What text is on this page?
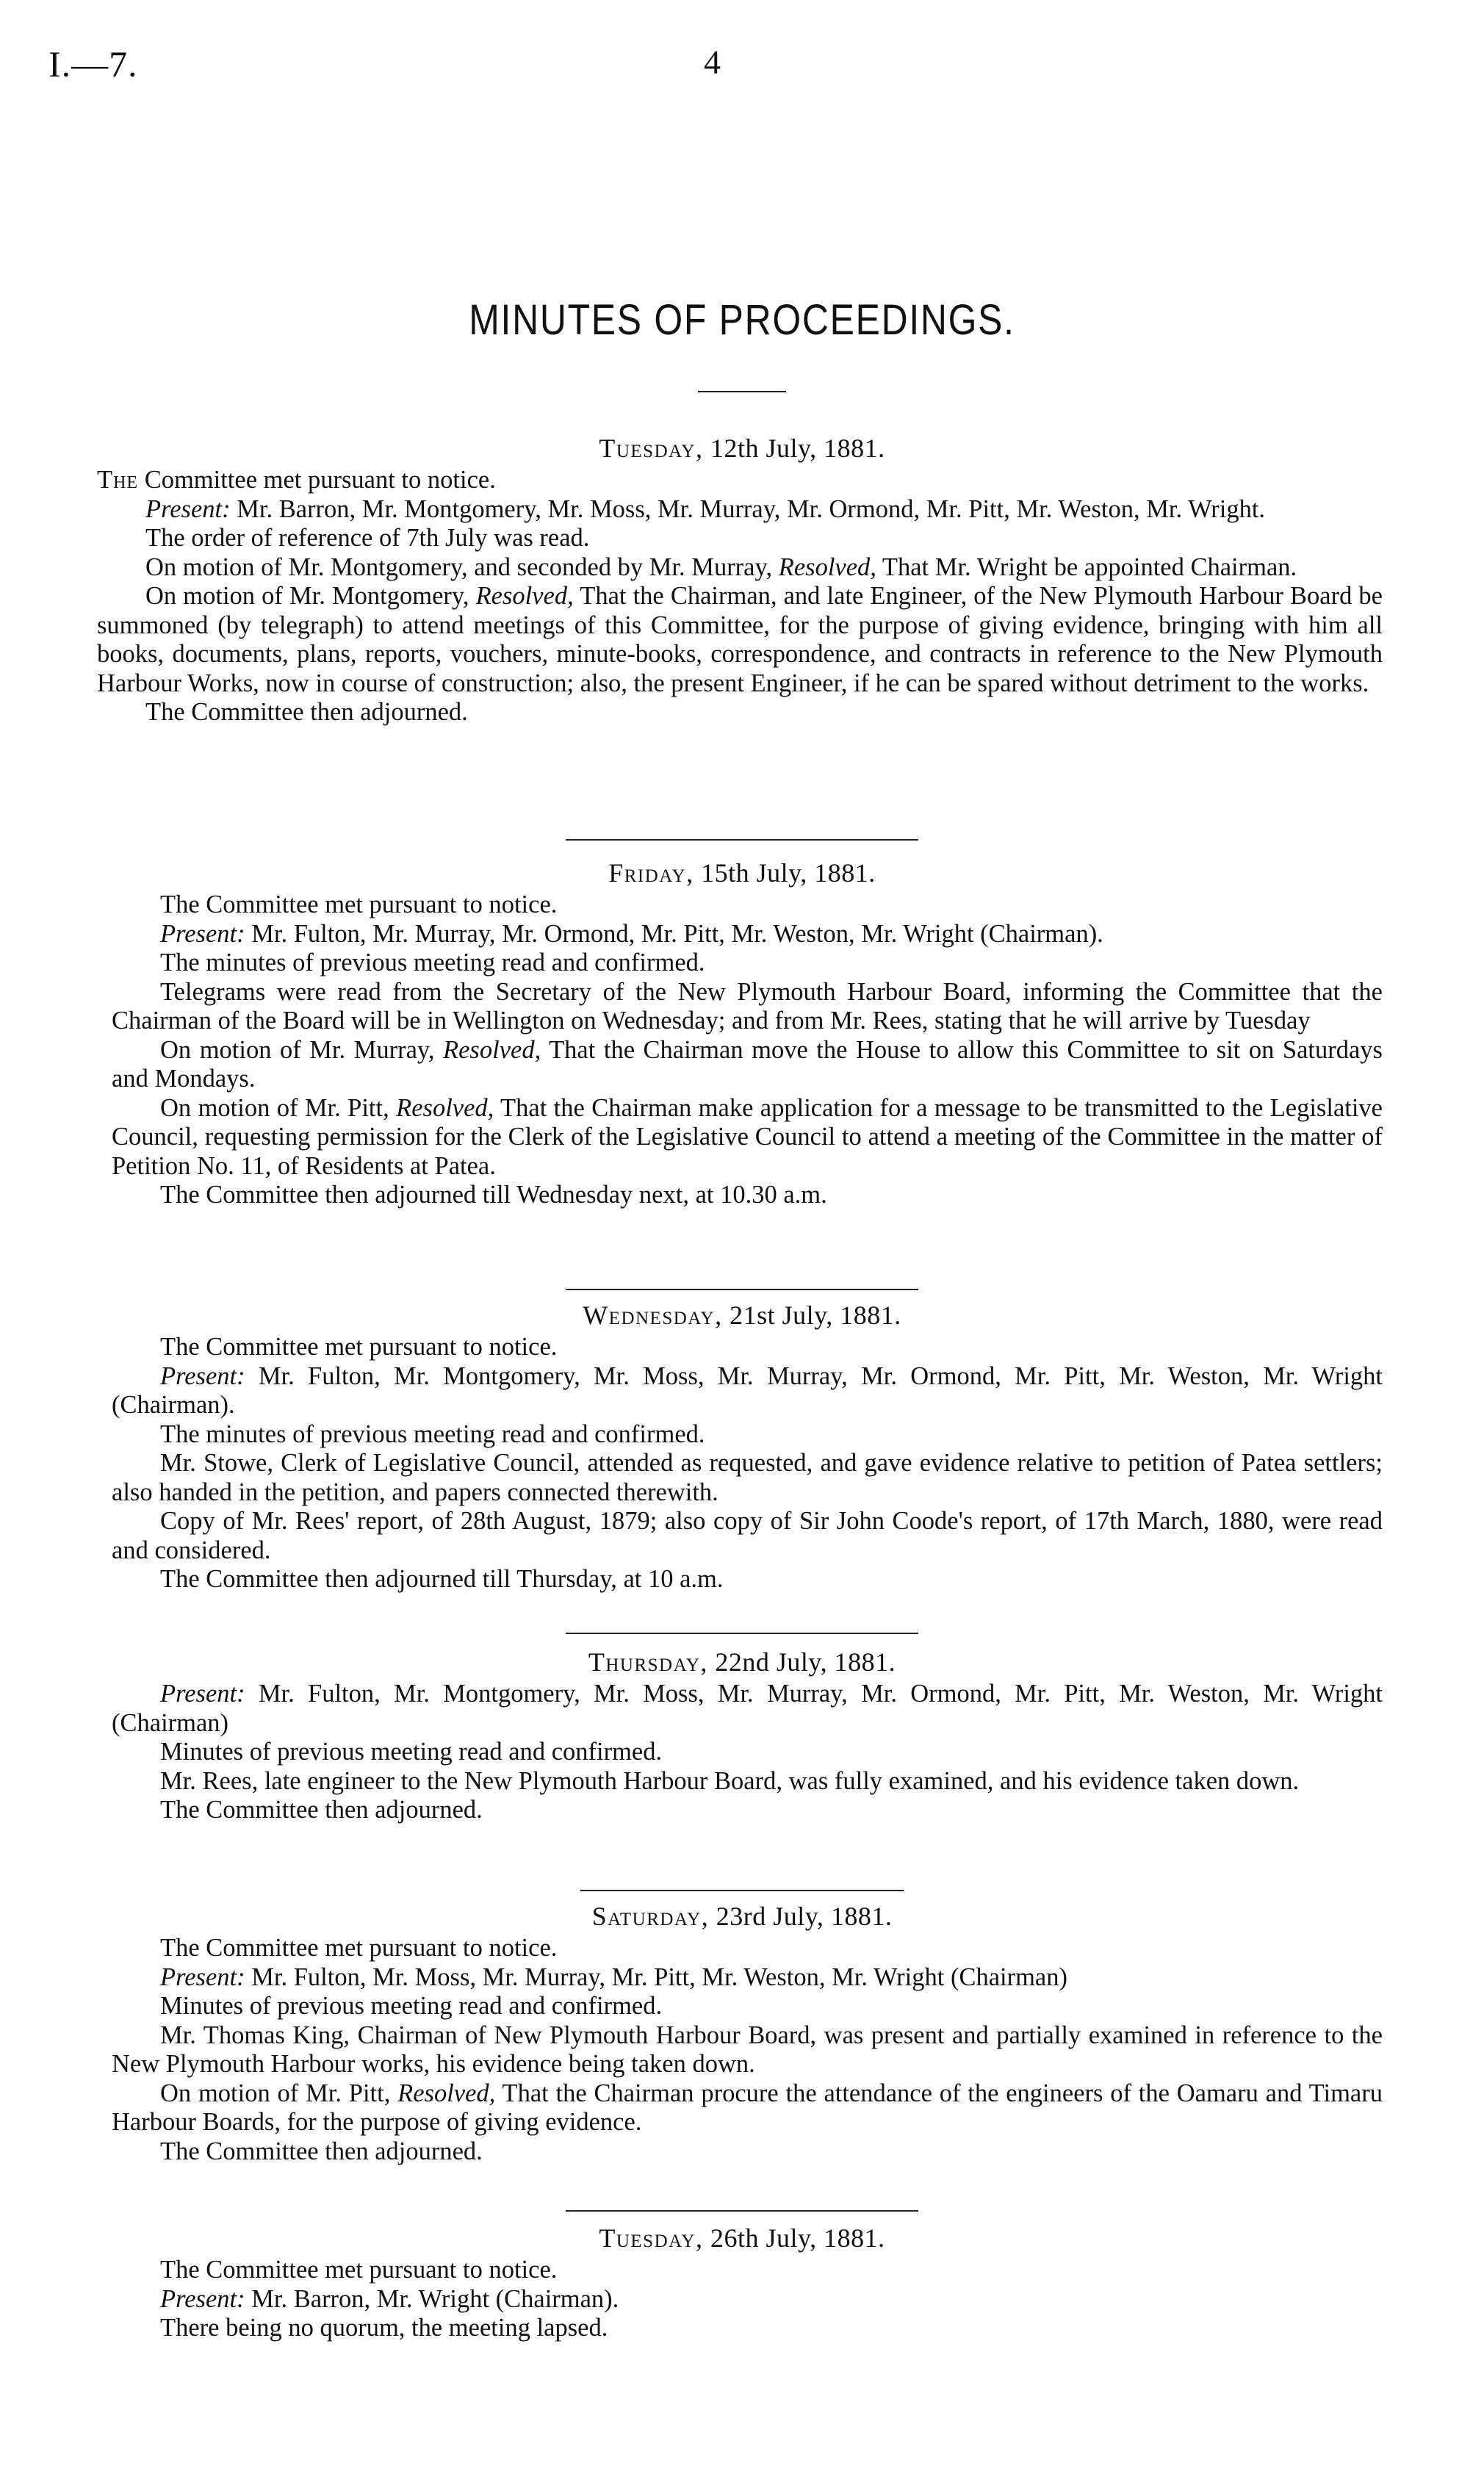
I.—7.	4
MINUTES OF PROCEEDINGS.
Tuesday, 12th July, 1881.

The Committee met pursuant to notice.

Present: Mr. Barron, Mr. Montgomery, Mr. Moss, Mr. Murray, Mr. Ormond, Mr. Pitt, Mr. Weston, Mr. Wright.

The order of reference of 7th July was read.

On motion of Mr. Montgomery, and seconded by Mr. Murray, Resolved, That Mr. Wright be appointed Chairman.

On motion of Mr. Montgomery, Resolved, That the Chairman, and late Engineer, of the New Plymouth Harbour Board be summoned (by telegraph) to attend meetings of this Committee, for the purpose of giving evidence, bringing with him all books, documents, plans, reports, vouchers, minute-books, correspondence, and contracts in reference to the New Plymouth Harbour Works, now in course of construction; also, the present Engineer, if he can be spared without detriment to the works.

The Committee then adjourned.

Friday, 15th July, 1881.

The Committee met pursuant to notice.

Present: Mr. Fulton, Mr. Murray, Mr. Ormond, Mr. Pitt, Mr. Weston, Mr. Wright (Chairman).

The minutes of previous meeting read and confirmed.

Telegrams were read from the Secretary of the New Plymouth Harbour Board, informing the Committee that the Chairman of the Board will be in Wellington on Wednesday; and from Mr. Rees, stating that he will arrive by Tuesday

On motion of Mr. Murray, Resolved, That the Chairman move the House to allow this Committee to sit on Saturdays and Mondays.

On motion of Mr. Pitt, Resolved, That the Chairman make application for a message to be transmitted to the Legislative Council, requesting permission for the Clerk of the Legislative Council to attend a meeting of the Committee in the matter of Petition No. 11, of Residents at Patea.

The Committee then adjourned till Wednesday next, at 10.30 a.m.

Wednesday, 21st July, 1881.

The Committee met pursuant to notice.

Present: Mr. Fulton, Mr. Montgomery, Mr. Moss, Mr. Murray, Mr. Ormond, Mr. Pitt, Mr. Weston, Mr. Wright (Chairman).

The minutes of previous meeting read and confirmed.

Mr. Stowe, Clerk of Legislative Council, attended as requested, and gave evidence relative to petition of Patea settlers; also handed in the petition, and papers connected therewith.

Copy of Mr. Rees' report, of 28th August, 1879; also copy of Sir John Coode's report, of 17th March, 1880, were read and considered.

The Committee then adjourned till Thursday, at 10 a.m.

Thursday, 22nd July, 1881.

Present: Mr. Fulton, Mr. Montgomery, Mr. Moss, Mr. Murray, Mr. Ormond, Mr. Pitt, Mr. Weston, Mr. Wright (Chairman)

Minutes of previous meeting read and confirmed.

Mr. Rees, late engineer to the New Plymouth Harbour Board, was fully examined, and his evidence taken down.

The Committee then adjourned.

Saturday, 23rd July, 1881.

The Committee met pursuant to notice.

Present: Mr. Fulton, Mr. Moss, Mr. Murray, Mr. Pitt, Mr. Weston, Mr. Wright (Chairman)

Minutes of previous meeting read and confirmed.

Mr. Thomas King, Chairman of New Plymouth Harbour Board, was present and partially examined in reference to the New Plymouth Harbour works, his evidence being taken down.

On motion of Mr. Pitt, Resolved, That the Chairman procure the attendance of the engineers of the Oamaru and Timaru Harbour Boards, for the purpose of giving evidence.

The Committee then adjourned.

Tuesday, 26th July, 1881.

The Committee met pursuant to notice.

Present: Mr. Barron, Mr. Wright (Chairman).

There being no quorum, the meeting lapsed.
